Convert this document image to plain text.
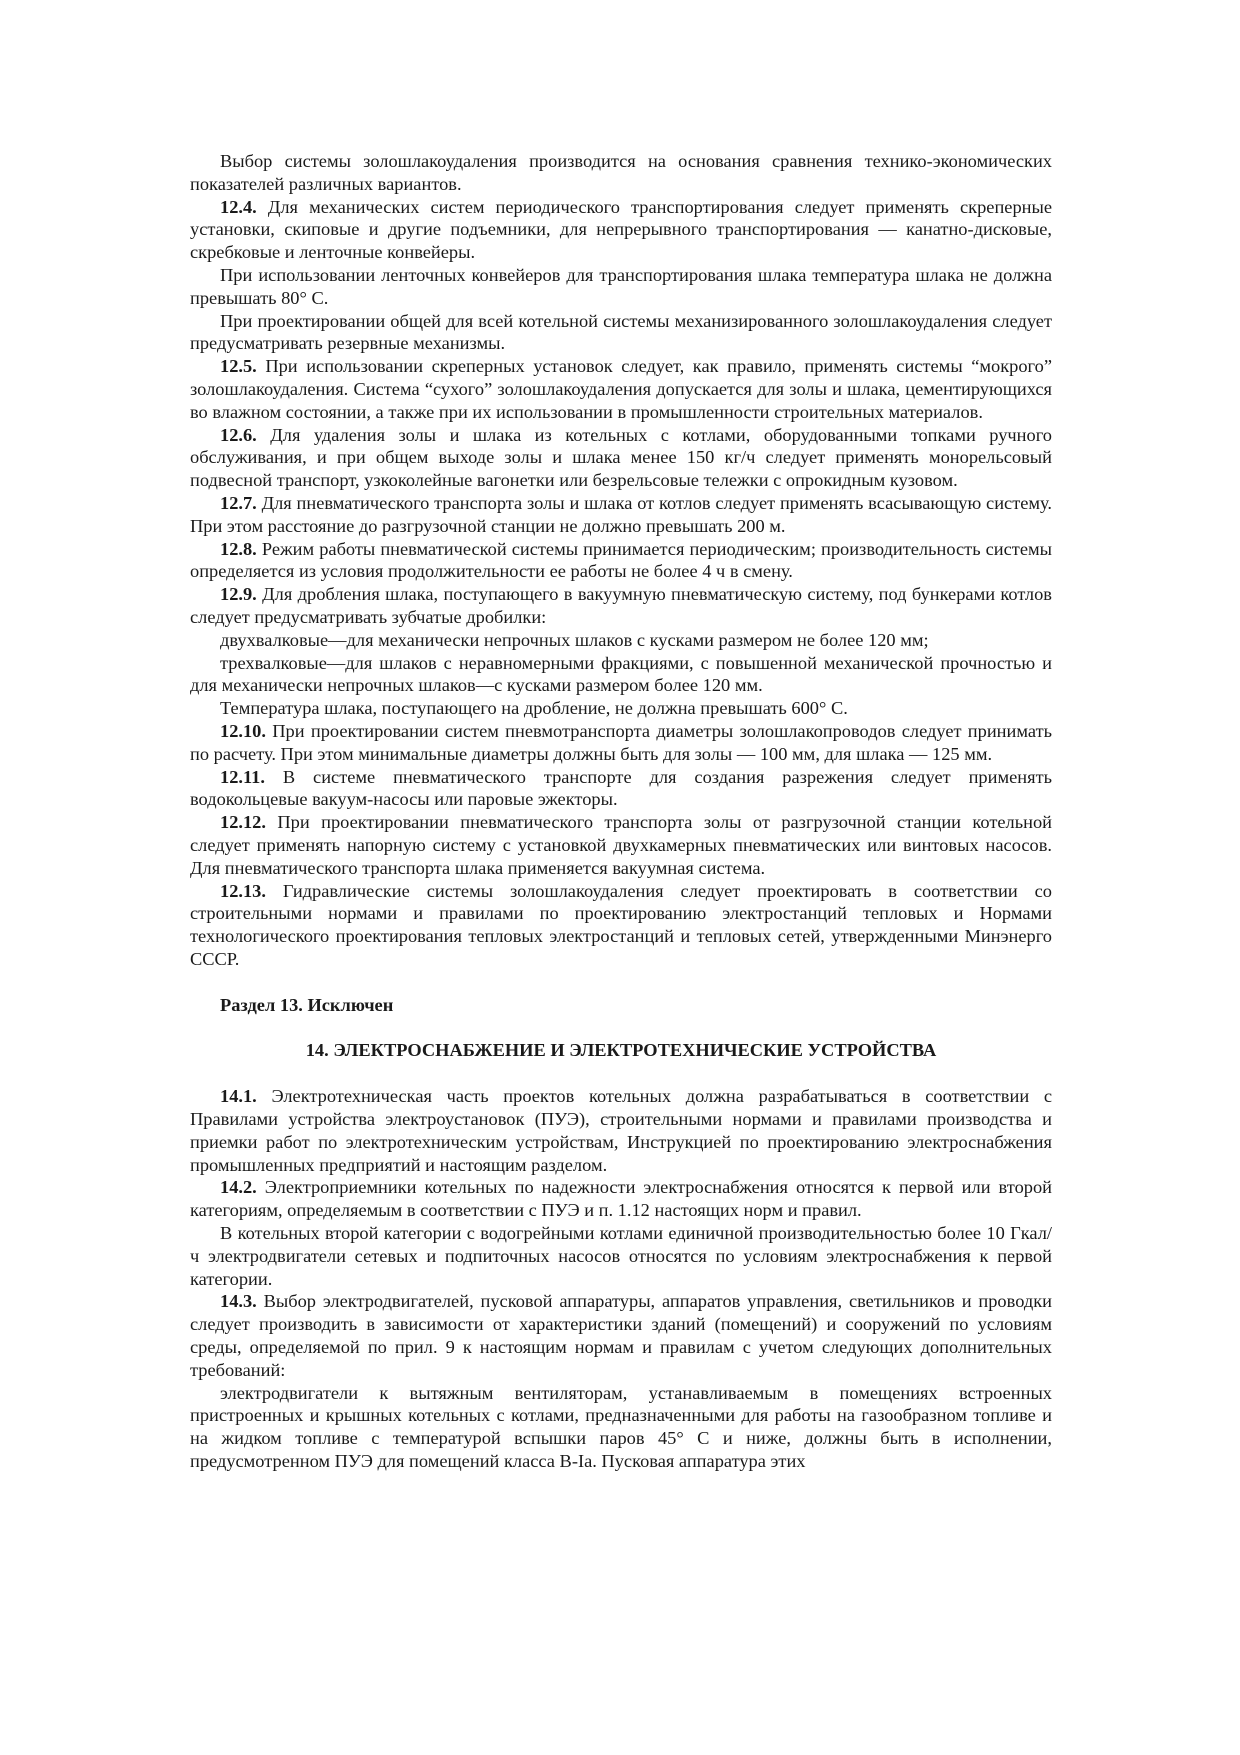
Выбор системы золошлакоудаления производится на основания сравнения технико-экономических показателей различных вариантов.

12.4. Для механических систем периодического транспортирования следует применять скреперные установки, скиповые и другие подъемники, для непрерывного транспортирования — канатно-дисковые, скребковые и ленточные конвейеры.

При использовании ленточных конвейеров для транспортирования шлака температура шлака не должна превышать 80° С.

При проектировании общей для всей котельной системы механизированного золошлакоудаления следует предусматривать резервные механизмы.

12.5. При использовании скреперных установок следует, как правило, применять системы “мокрого” золошлакоудаления. Система “сухого” золошлакоудаления допускается для золы и шлака, цементирующихся во влажном состоянии, а также при их использовании в промышленности строительных материалов.

12.6. Для удаления золы и шлака из котельных с котлами, оборудованными топками ручного обслуживания, и при общем выходе золы и шлака менее 150 кг/ч следует применять монорельсовый подвесной транспорт, узкоколейные вагонетки или безрельсовые тележки с опрокидным кузовом.

12.7. Для пневматического транспорта золы и шлака от котлов следует применять всасывающую систему. При этом расстояние до разгрузочной станции не должно превышать 200 м.

12.8. Режим работы пневматической системы принимается периодическим; производительность системы определяется из условия продолжительности ее работы не более 4 ч в смену.

12.9. Для дробления шлака, поступающего в вакуумную пневматическую систему, под бункерами котлов следует предусматривать зубчатые дробилки:

двухвалковые—для механически непрочных шлаков с кусками размером не более 120 мм;

трехвалковые—для шлаков с неравномерными фракциями, с повышенной механической прочностью и для механически непрочных шлаков—с кусками размером более 120 мм.

Температура шлака, поступающего на дробление, не должна превышать 600° С.

12.10. При проектировании систем пневмотранспорта диаметры золошлакопроводов следует принимать по расчету. При этом минимальные диаметры должны быть для золы — 100 мм, для шлака — 125 мм.

12.11. В системе пневматического транспорте для создания разрежения следует применять водокольцевые вакуум-насосы или паровые эжекторы.

12.12. При проектировании пневматического транспорта золы от разгрузочной станции котельной следует применять напорную систему с установкой двухкамерных пневматических или винтовых насосов. Для пневматического транспорта шлака применяется вакуумная система.

12.13. Гидравлические системы золошлакоудаления следует проектировать в соответствии со строительными нормами и правилами по проектированию электростанций тепловых и Нормами технологического проектирования тепловых электростанций и тепловых сетей, утвержденными Минэнерго СССР.

Раздел 13. Исключен

14. ЭЛЕКТРОСНАБЖЕНИЕ И ЭЛЕКТРОТЕХНИЧЕСКИЕ УСТРОЙСТВА

14.1. Электротехническая часть проектов котельных должна разрабатываться в соответствии с Правилами устройства электроустановок (ПУЭ), строительными нормами и правилами производства и приемки работ по электротехническим устройствам, Инструкцией по проектированию электроснабжения промышленных предприятий и настоящим разделом.

14.2. Электроприемники котельных по надежности электроснабжения относятся к первой или второй категориям, определяемым в соответствии с ПУЭ и п. 1.12 настоящих норм и правил.

В котельных второй категории с водогрейными котлами единичной производительностью более 10 Гкал/ч электродвигатели сетевых и подпиточных насосов относятся по условиям электроснабжения к первой категории.

14.3. Выбор электродвигателей, пусковой аппаратуры, аппаратов управления, светильников и проводки следует производить в зависимости от характеристики зданий (помещений) и сооружений по условиям среды, определяемой по прил. 9 к настоящим нормам и правилам с учетом следующих дополнительных требований:

электродвигатели к вытяжным вентиляторам, устанавливаемым в помещениях встроенных пристроенных и крышных котельных с котлами, предназначенными для работы на газообразном топливе и на жидком топливе с температурой вспышки паров 45° С и ниже, должны быть в исполнении, предусмотренном ПУЭ для помещений класса В-Ia. Пусковая аппаратура этих
